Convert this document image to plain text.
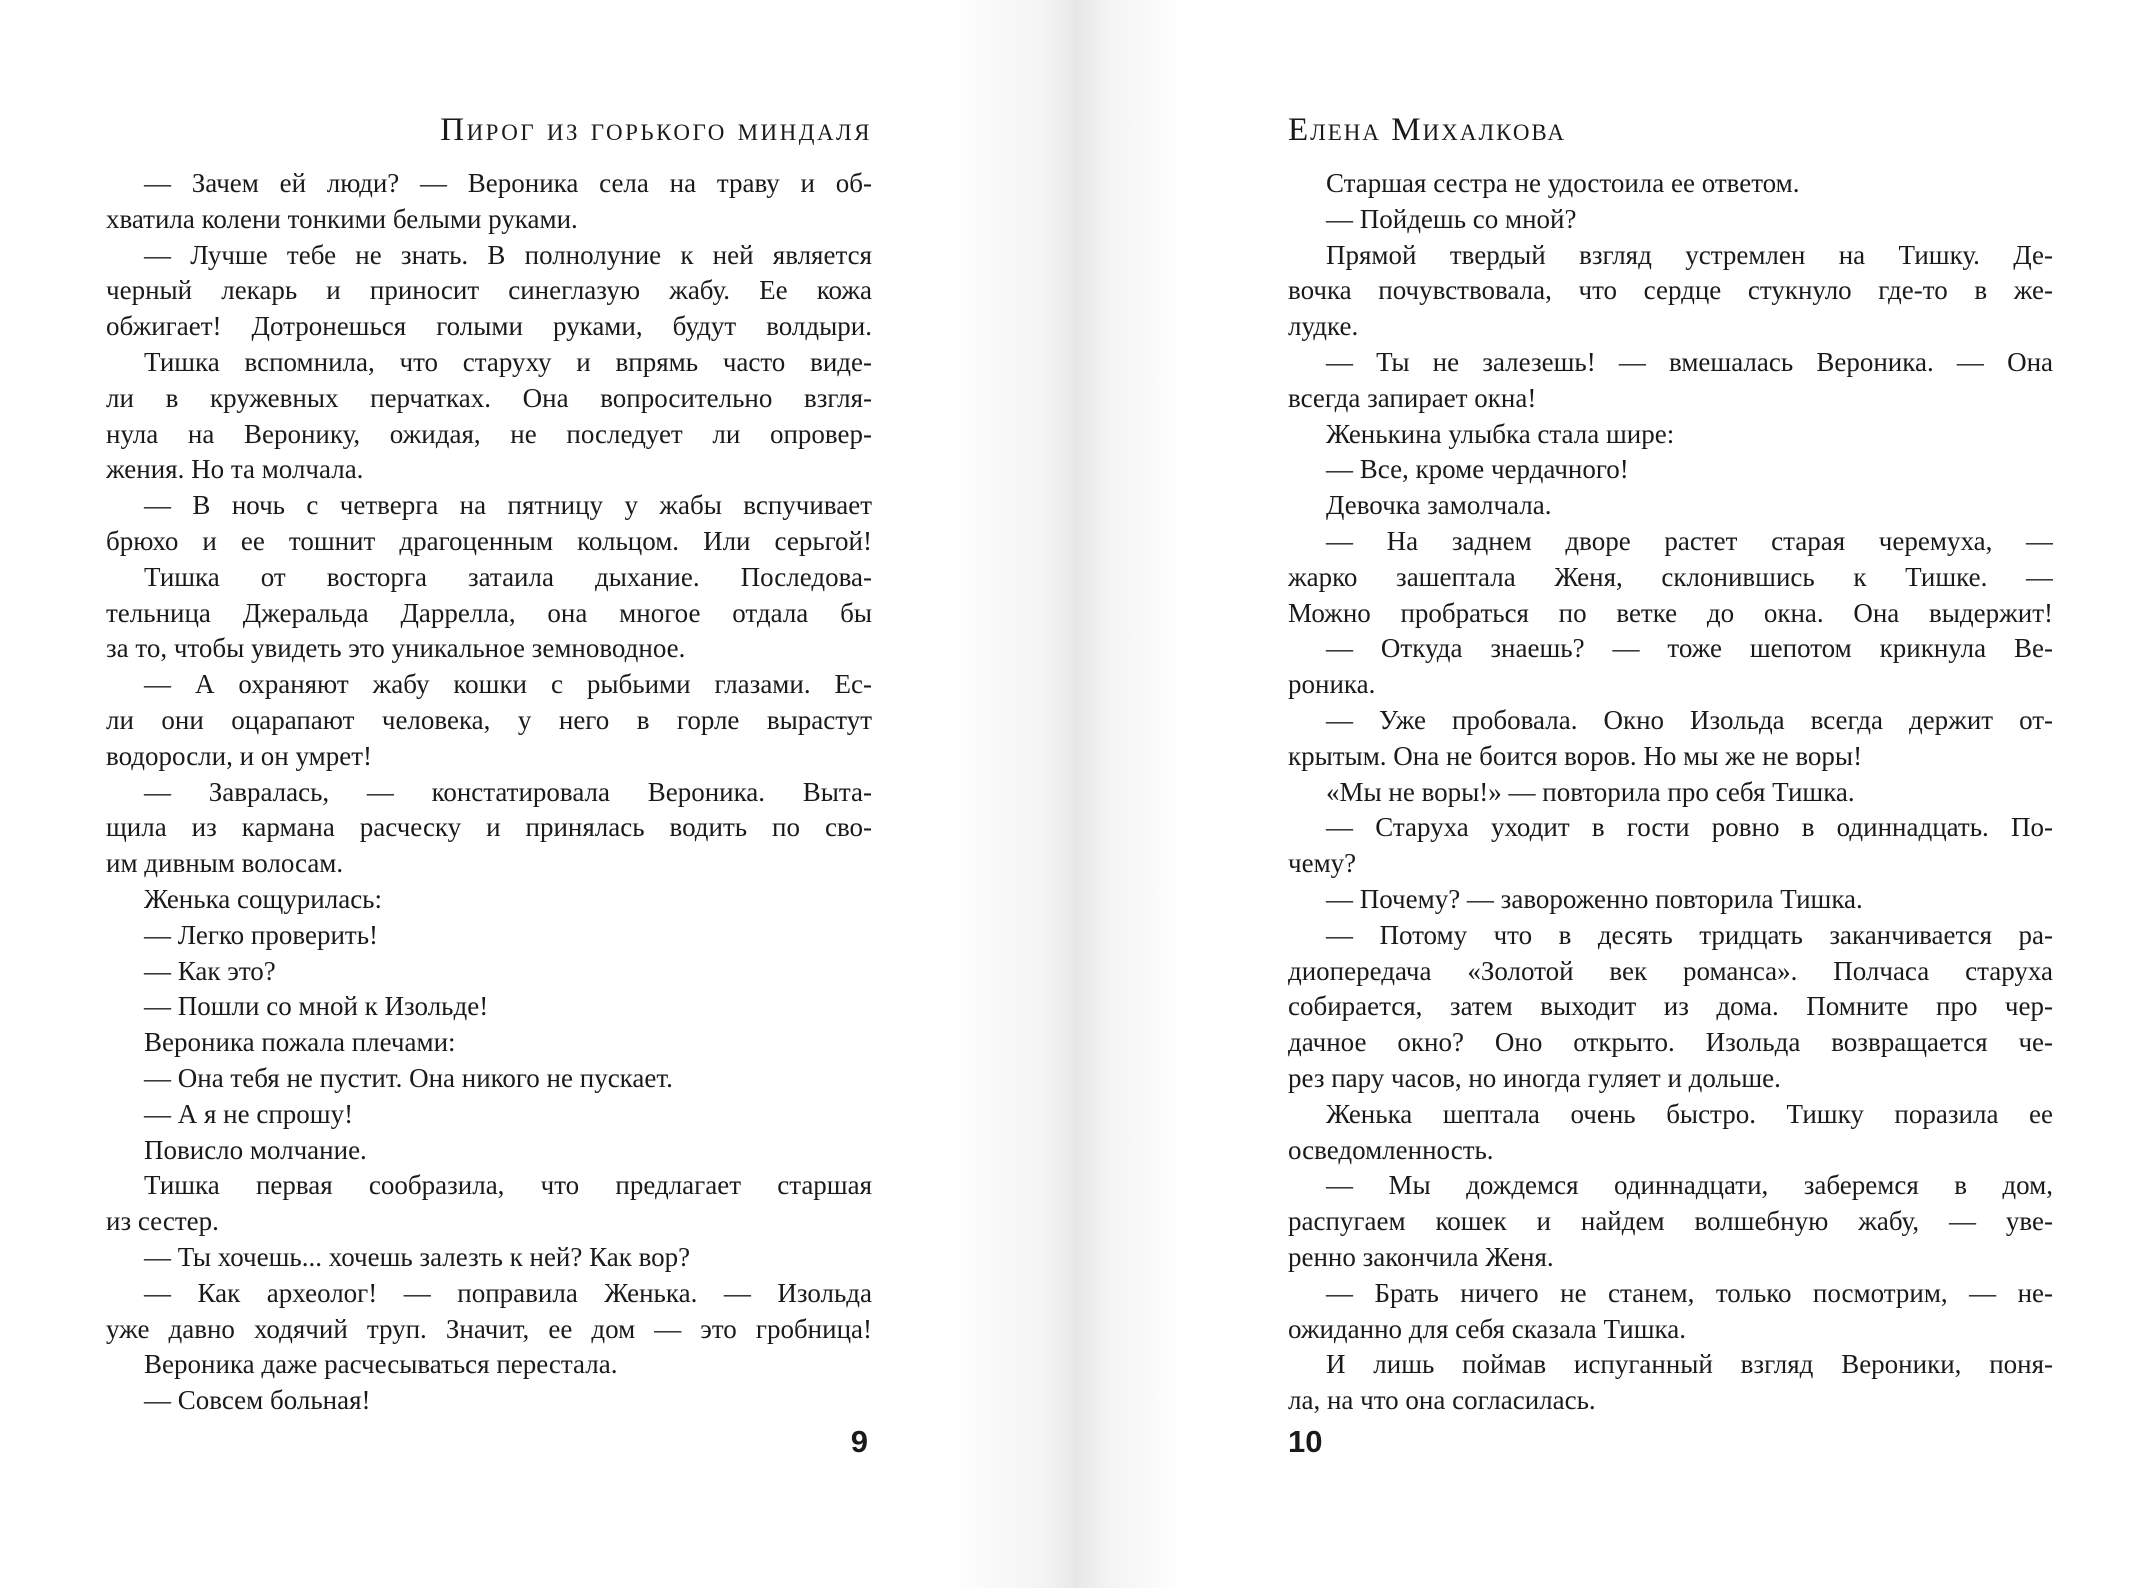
Пирог из горького миндаля
— Зачем ей люди? — Вероника села на траву и об-
хватила колени тонкими белыми руками.
— Лучше тебе не знать. В полнолуние к ней является
черный лекарь и приносит синеглазую жабу. Ее кожа
обжигает! Дотронешься голыми руками, будут волдыри.
Тишка вспомнила, что старуху и впрямь часто виде-
ли в кружевных перчатках. Она вопросительно взгля-
нула на Веронику, ожидая, не последует ли опровер-
жения. Но та молчала.
— В ночь с четверга на пятницу у жабы вспучивает
брюхо и ее тошнит драгоценным кольцом. Или серьгой!
Тишка от восторга затаила дыхание. Последова-
тельница Джеральда Даррелла, она многое отдала бы
за то, чтобы увидеть это уникальное земноводное.
— А охраняют жабу кошки с рыбьими глазами. Ес-
ли они оцарапают человека, у него в горле вырастут
водоросли, и он умрет!
— Завралась, — констатировала Вероника. Выта-
щила из кармана расческу и принялась водить по сво-
им дивным волосам.
Женька сощурилась:
— Легко проверить!
— Как это?
— Пошли со мной к Изольде!
Вероника пожала плечами:
— Она тебя не пустит. Она никого не пускает.
— А я не спрошу!
Повисло молчание.
Тишка первая сообразила, что предлагает старшая
из сестер.
— Ты хочешь... хочешь залезть к ней? Как вор?
— Как археолог! — поправила Женька. — Изольда
уже давно ходячий труп. Значит, ее дом — это гробница!
Вероника даже расчесываться перестала.
— Совсем больная!
9
Елена Михалкова
Старшая сестра не удостоила ее ответом.
— Пойдешь со мной?
Прямой твердый взгляд устремлен на Тишку. Де-
вочка почувствовала, что сердце стукнуло где-то в же-
лудке.
— Ты не залезешь! — вмешалась Вероника. — Она
всегда запирает окна!
Женькина улыбка стала шире:
— Все, кроме чердачного!
Девочка замолчала.
— На заднем дворе растет старая черемуха, —
жарко зашептала Женя, склонившись к Тишке. —
Можно пробраться по ветке до окна. Она выдержит!
— Откуда знаешь? — тоже шепотом крикнула Ве-
роника.
— Уже пробовала. Окно Изольда всегда держит от-
крытым. Она не боится воров. Но мы же не воры!
«Мы не воры!» — повторила про себя Тишка.
— Старуха уходит в гости ровно в одиннадцать. По-
чему?
— Почему? — завороженно повторила Тишка.
— Потому что в десять тридцать заканчивается ра-
диопередача «Золотой век романса». Полчаса старуха
собирается, затем выходит из дома. Помните про чер-
дачное окно? Оно открыто. Изольда возвращается че-
рез пару часов, но иногда гуляет и дольше.
Женька шептала очень быстро. Тишку поразила ее
осведомленность.
— Мы дождемся одиннадцати, заберемся в дом,
распугаем кошек и найдем волшебную жабу, — уве-
ренно закончила Женя.
— Брать ничего не станем, только посмотрим, — не-
ожиданно для себя сказала Тишка.
И лишь поймав испуганный взгляд Вероники, поня-
ла, на что она согласилась.
10
